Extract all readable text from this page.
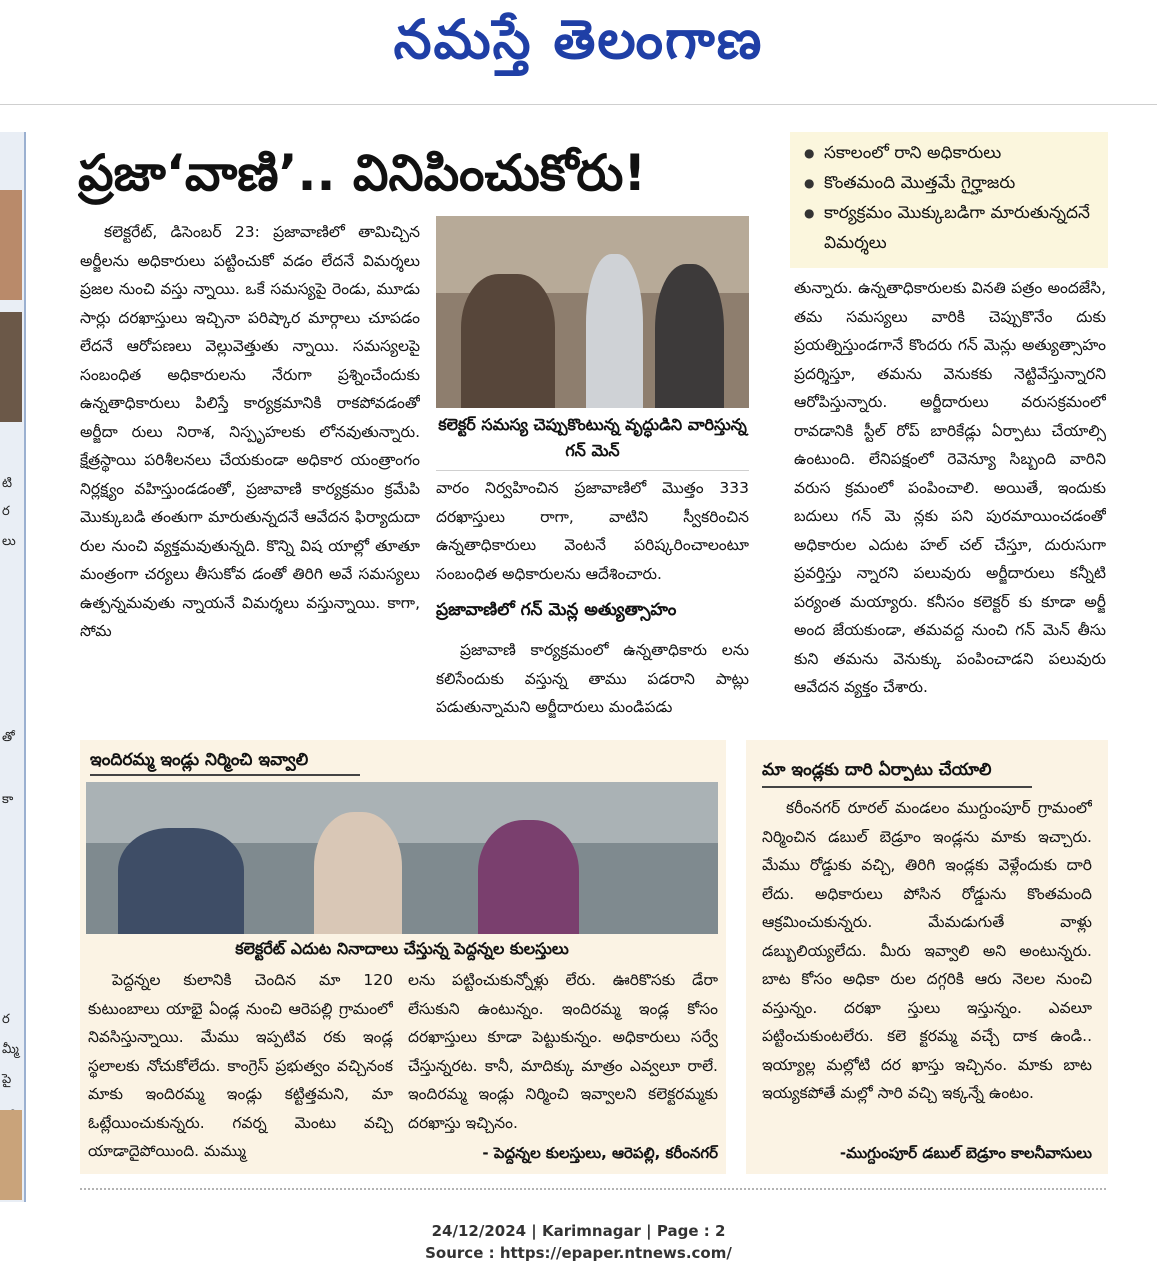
నమస్తే తెలంగాణ
టి
ర
లు
తో
కా
మ్మీ
ర
పై
ప్రజా‘వాణి’.. వినిపించుకోరు!
●	సకాలంలో రాని అధికారులు
● కొంతమంది మొత్తమే గైర్హాజరు
● కార్యక్రమం మొక్కుబడిగా మారుతున్నదనే విమర్శలు

కలెక్టరేట్, డిసెంబర్ 23: ప్రజావాణిలో తామిచ్చిన అర్జీలను అధికారులు పట్టించుకో వడం లేదనే విమర్శలు ప్రజల నుంచి వస్తు న్నాయి. ఒకే సమస్యపై రెండు, మూడు సార్లు దరఖాస్తులు ఇచ్చినా పరిష్కార మార్గాలు చూపడం లేదనే ఆరోపణలు వెల్లువెత్తుతు న్నాయి. సమస్యలపై సంబంధిత అధికారులను నేరుగా ప్రశ్నించేందుకు ఉన్నతాధికారులు పిలిస్తే కార్యక్రమానికి రాకపోవడంతో అర్జీదా రులు నిరాశ, నిస్పృహలకు లోనవుతున్నారు. క్షేత్రస్థాయి పరిశీలనలు చేయకుండా అధికార యంత్రాంగం నిర్లక్ష్యం వహిస్తుండడంతో, ప్రజావాణి కార్యక్రమం క్రమేపి మొక్కుబడి తంతుగా మారుతున్నదనే ఆవేదన ఫిర్యాదుదా రుల నుంచి వ్యక్తమవుతున్నది. కొన్ని విష యాల్లో తూతూ మంత్రంగా చర్యలు తీసుకోవ డంతో తిరిగి అవే సమస్యలు ఉత్పన్నమవుతు న్నాయనే విమర్శలు వస్తున్నాయి. కాగా, సోమ

కలెక్టర్ సమస్య చెప్పుకొంటున్న వృద్ధుడిని వారిస్తున్న గన్ మెన్

వారం నిర్వహించిన ప్రజావాణిలో మొత్తం 333 దరఖాస్తులు రాగా, వాటిని స్వీకరించిన ఉన్నతాధికారులు వెంటనే పరిష్కరించాలంటూ సంబంధిత అధికారులను ఆదేశించారు.

ప్రజావాణిలో గన్ మెన్ల అత్యుత్సాహం

ప్రజావాణి కార్యక్రమంలో ఉన్నతాధికారు లను కలిసేందుకు వస్తున్న తాము పడరాని పాట్లు పడుతున్నామని అర్జీదారులు మండిపడు

తున్నారు. ఉన్నతాధికారులకు వినతి పత్రం అందజేసి, తమ సమస్యలు వారికి చెప్పుకొనేం దుకు ప్రయత్నిస్తుండగానే కొందరు గన్ మెన్లు అత్యుత్సాహం ప్రదర్శిస్తూ, తమను వెనుకకు నెట్టివేస్తున్నారని ఆరోపిస్తున్నారు. అర్జీదారులు వరుసక్రమంలో రావడానికి స్టీల్ రోప్ బారికేడ్లు ఏర్పాటు చేయాల్సి ఉంటుంది. లేనిపక్షంలో రెవెన్యూ సిబ్బంది వారిని వరుస క్రమంలో పంపించాలి. అయితే, ఇందుకు బదులు గన్ మె న్లకు పని పురమాయించడంతో అధికారుల ఎదుట హల్ చల్ చేస్తూ, దురుసుగా ప్రవర్తిస్తు న్నారని పలువురు అర్జీదారులు కన్నీటి పర్యంత మయ్యారు. కనీసం కలెక్టర్ కు కూడా అర్జీ అంద జేయకుండా, తమవద్ద నుంచి గన్ మెన్ తీసు కుని తమను వెనుక్కు పంపించాడని పలువురు ఆవేదన వ్యక్తం చేశారు.

ఇందిరమ్మ ఇండ్లు నిర్మించి ఇవ్వాలి
కలెక్టరేట్ ఎదుట నినాదాలు చేస్తున్న పెద్దన్నల కులస్తులు

పెద్దన్నల కులానికి చెందిన మా 120 కుటుంబాలు యాభై ఏండ్ల నుంచి ఆరెపల్లి గ్రామంలో నివసిస్తున్నాయి. మేము ఇప్పటివ రకు ఇండ్ల స్థలాలకు నోచుకోలేదు. కాంగ్రెస్ ప్రభుత్వం వచ్చినంక మాకు ఇందిరమ్మ ఇండ్లు కట్టిత్తమని, మా ఓట్లేయించుకున్నరు. గవర్న మెంటు వచ్చి యాడాదైపోయింది. మమ్ము

లను పట్టించుకున్నోళ్లు లేరు. ఊరికొసకు డేరా లేసుకుని ఉంటున్నం. ఇందిరమ్మ ఇండ్ల కోసం దరఖాస్తులు కూడా పెట్టుకున్నం. అధికారులు సర్వే చేస్తున్నరట. కానీ, మాదిక్కు మాత్రం ఎవ్వలూ రాలే. ఇందిరమ్మ ఇండ్లు నిర్మించి ఇవ్వాలని కలెక్టరమ్మకు దరఖాస్తు ఇచ్చినం.

- పెద్దన్నల కులస్తులు, ఆరెపల్లి, కరీంనగర్
మా ఇండ్లకు దారి ఏర్పాటు చేయాలి

కరీంనగర్ రూరల్ మండలం ముగ్దుంపూర్ గ్రామంలో నిర్మించిన డబుల్ బెడ్రూం ఇండ్లను మాకు ఇచ్చారు. మేము రోడ్డుకు వచ్చి, తిరిగి ఇండ్లకు వెళ్లేందుకు దారి లేదు. అధికారులు పోసిన రోడ్డును కొంతమంది ఆక్రమించుకున్నరు. మేమడుగుతే వాళ్లు డబ్బులియ్యలేదు. మీరు ఇవ్వాలి అని అంటున్నరు. బాట కోసం అధికా రుల దగ్గరికి ఆరు నెలల నుంచి వస్తున్నం. దరఖా స్తులు ఇస్తున్నం. ఎవలూ పట్టించుకుంటలేరు. కలె క్టరమ్మ వచ్చే దాక ఉండి.. ఇయ్యాల్ల మల్లోటి దర ఖాస్తు ఇచ్చినం. మాకు బాట ఇయ్యకపోతే మల్లో సారి వచ్చి ఇక్కన్నే ఉంటం.

-ముగ్దుంపూర్ డబుల్ బెడ్రూం కాలనీవాసులు
24/12/2024 | Karimnagar | Page : 2
Source : https://epaper.ntnews.com/
